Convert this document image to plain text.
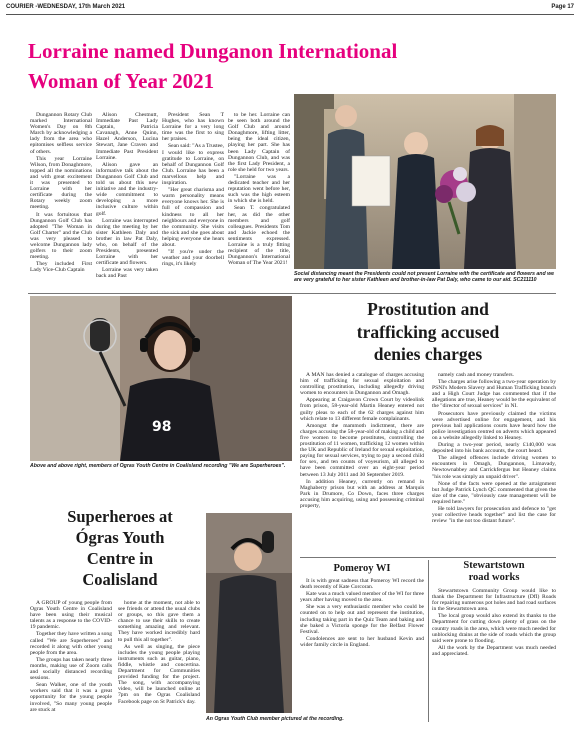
COURIER -WEDNESDAY, 17th March 2021	Page 17
Lorraine named Dunganon International
Woman of Year 2021

Dungannon Rotary Club marked International Women's Day on 8th March by acknowledging a lady from the area who epitomises selfless service of others.

This year Lorraine Wilson, from Donaghmore, topped all the nominations and with great excitement it was presented to Lorraine with her certificate during the Rotary weekly zoom meeting.

It was fortuitous that Dungannon Golf Club has adopted "The Woman in Golf Charter" and the Club was very pleased to welcome Dungannon lady golfers to their zoom meeting.

They included First Lady Vice-Club Captain

Alison Chestnutt, Immediate Past Lady Captain, Patricia Cavanagh, Anne Quinn, Hazel Anderson, Lucina Stewart, Jane Craven and Immediate Past President Lorraine.

Alison gave an informative talk about the Dungannon Golf Club and told us about this new initiative and the industry-wide commitment to developing a more inclusive culture within golf.

Lorraine was interrupted during the meeting by her sister Kathleen Daly and brother in law Pat Daly, who, on behalf of the Presidents, presented Lorraine with her certificate and flowers.

Lorraine was very taken back and Past

President Sean T Hughes, who has known Lorraine for a very long time was the first to sing her praises.

Sean said: "As a Trustee, I would like to express gratitude to Lorraine, on behalf of Dungannon Golf Club. Lorraine has been a marvellous help and inspiration.

"Her great charisma and warm personality means everyone knows her. She is full of compassion and kindness to all her neighbours and everyone in the community. She visits the sick and she goes about helping everyone she hears about.

"If you're under the weather and your doorbell rings, it's likely

to be her. Lorraine can be seen both around the Golf Club and around Donaghmore, lifting litter, being the ideal citizen, playing her part. She has been Lady Captain of Dungannon Club, and was the first Lady President, a role she held for two years.

"Lorraine was a dedicated teacher and her reputation went before her, such was the high esteem in which she is held.

Sean T. congratulated her, as did the other members and golf colleagues. Presidents Tom and Jackie echoed the sentiments expressed. Lorraine is a truly fitting recipient of the title, Dungannon's International Woman of The Year 2021!

Social distancing meant the Presidents could not present Lorraine with the certificate and flowers and we are very grateful to her sister Kathleen and brother-in-law Pat Daly, who came to our aid. SC211110
98
Above and above right, members of Ogras Youth Centre in Coalisland recording "We are Superheroes".
Superheroes at
Ógras Youth
Centre in
Coalisland

A GROUP of young people from Ogras Youth Centre in Coalisland have been using their musical talents as a response to the COVID-19 pandemic.

Together they have written a song called "We are Superheroes" and recorded it along with other young people from the area.

The groups has taken nearly three months, making use of Zoom calls and socially distanced recording sessions.

Sean Walker, one of the youth workers said that it was a great opportunity for the young people involved, "So many young people are stuck at

home at the moment, not able to see friends or attend the usual clubs or groups, so this gave them a chance to use their skills to create something amazing and relevant. They have worked incredibly hard to pull this all together".

As well as singing, the piece includes the young people playing instruments such as guitar, piano, fiddle, whistle and concertina. Department for Communities provided funding for the project. The song, with accompanying video, will be launched online at 7pm on the Ogras Coalisland Facebook page on St Patrick's day.

An Ogras Youth Club member pictured at the recording.
Prostitution and
trafficking accused
denies charges

A MAN has denied a catalogue of charges accusing him of trafficking for sexual exploitation and controlling prostitution, including allegedly driving women to encounters in Dungannon and Omagh.

Appearing at Craigavon Crown Court by videolink from prison, 58-year-old Martin Heaney entered not guilty pleas to each of the 62 charges against him which relate to 13 different female complainants.

Amongst the mammoth indictment, there are charges accusing the 58-year-old of making a child and five women to become prostitutes, controlling the prostitution of 11 women, trafficking 12 women within the UK and Republic of Ireland for sexual exploitation, paying for sexual services, trying to pay a second child for sex, and ten counts of voyeurism, all alleged to have been committed over an eight-year period between 13 July 2011 and 30 September 2019.

In addition Heaney, currently on remand in Maghaberry prison but with an address at Marquis Park in Drumore, Co Down, faces three charges accusing him acquiring, using and possessing criminal property,

namely cash and money transfers.

The charges arise following a two-year operation by PSNI's Modern Slavery and Human Trafficking branch and a High Court Judge has commented that if the allegations are true, Heaney would be the equivalent of the "director of sexual services" in NI.

Prosecutors have previously claimed the victims were advertised online for engagement, and his previous bail applications courts have heard how the police investigation centred on adverts which appeared on a website allegedly linked to Heaney.

During a two-year period, nearly £140,000 was deposited into his bank accounts, the court heard.

The alleged offences include driving women to encounters in Omagh, Dungannon, Limavady, Newtownabbey and Carrickfergus but Heaney claims "his role was simply an unpaid driver".

None of the facts were opened at the arraignment but Judge Patrick Lynch QC commented that given the size of the case, "obviously case management will be required here."

He told lawyers for prosecution and defence to "get your collective heads together" and list the case for review "in the not too distant future".

Pomeroy WI

It is with great sadness that Pomeroy WI record the death recently of Kate Corcoran.

Kate was a much valued member of the WI for three years after having moved to the area.

She was a very enthusiastic member who could be counted on to help out and represent the institution, including taking part in the Quiz Team and baking and she baked a Victoria sponge for the Belfast Flower Festival.

Condolences are sent to her husband Kevin and wider family circle in England.

Stewartstown
road works

Stewartstown Community Group would like to thank the Department for Infrastructure (DfI) Roads for repairing numerous pot holes and bad road surfaces in the Stewartstown area.

The local group would also extend its thanks to the Department for cutting down plenty of grass on the country roads in the area, which were much needed for unblocking drains at the side of roads which the group said were prone to flooding.

All the work by the Department was much needed and appreciated.
